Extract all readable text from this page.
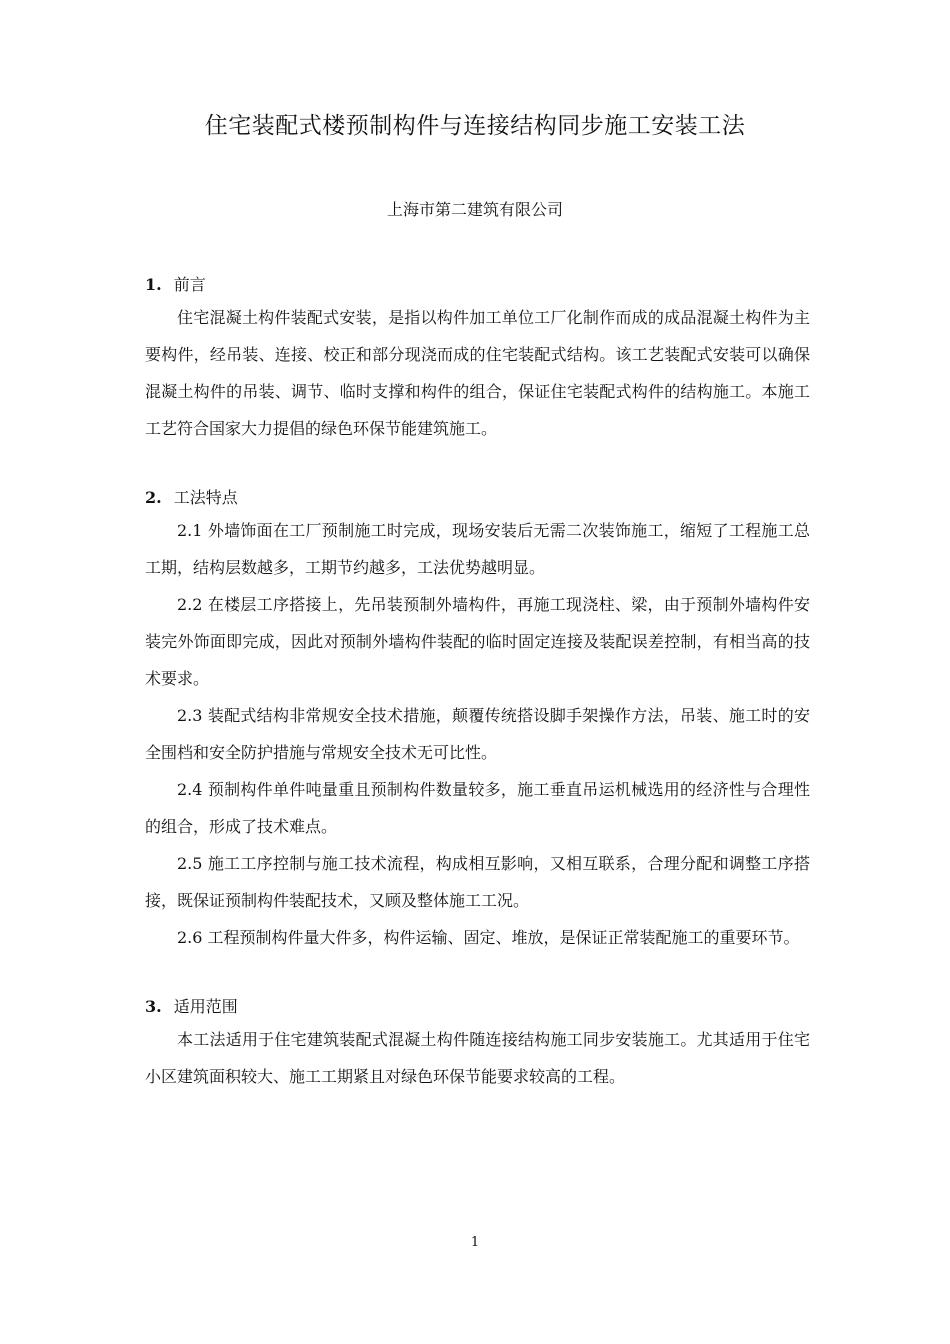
住宅装配式楼预制构件与连接结构同步施工安装工法
上海市第二建筑有限公司

1. 前言

住宅混凝土构件装配式安装，是指以构件加工单位工厂化制作而成的成品混凝土构件为主要构件，经吊装、连接、校正和部分现浇而成的住宅装配式结构。该工艺装配式安装可以确保混凝土构件的吊装、调节、临时支撑和构件的组合，保证住宅装配式构件的结构施工。本施工工艺符合国家大力提倡的绿色环保节能建筑施工。

2. 工法特点

2.1 外墙饰面在工厂预制施工时完成，现场安装后无需二次装饰施工，缩短了工程施工总工期，结构层数越多，工期节约越多，工法优势越明显。

2.2 在楼层工序搭接上，先吊装预制外墙构件，再施工现浇柱、梁，由于预制外墙构件安装完外饰面即完成，因此对预制外墙构件装配的临时固定连接及装配误差控制，有相当高的技术要求。

2.3 装配式结构非常规安全技术措施，颠覆传统搭设脚手架操作方法，吊装、施工时的安全围档和安全防护措施与常规安全技术无可比性。

2.4 预制构件单件吨量重且预制构件数量较多，施工垂直吊运机械选用的经济性与合理性的组合，形成了技术难点。

2.5 施工工序控制与施工技术流程，构成相互影响，又相互联系，合理分配和调整工序搭接，既保证预制构件装配技术，又顾及整体施工工况。

2.6 工程预制构件量大件多，构件运输、固定、堆放，是保证正常装配施工的重要环节。

3. 适用范围

本工法适用于住宅建筑装配式混凝土构件随连接结构施工同步安装施工。尤其适用于住宅小区建筑面积较大、施工工期紧且对绿色环保节能要求较高的工程。

1
